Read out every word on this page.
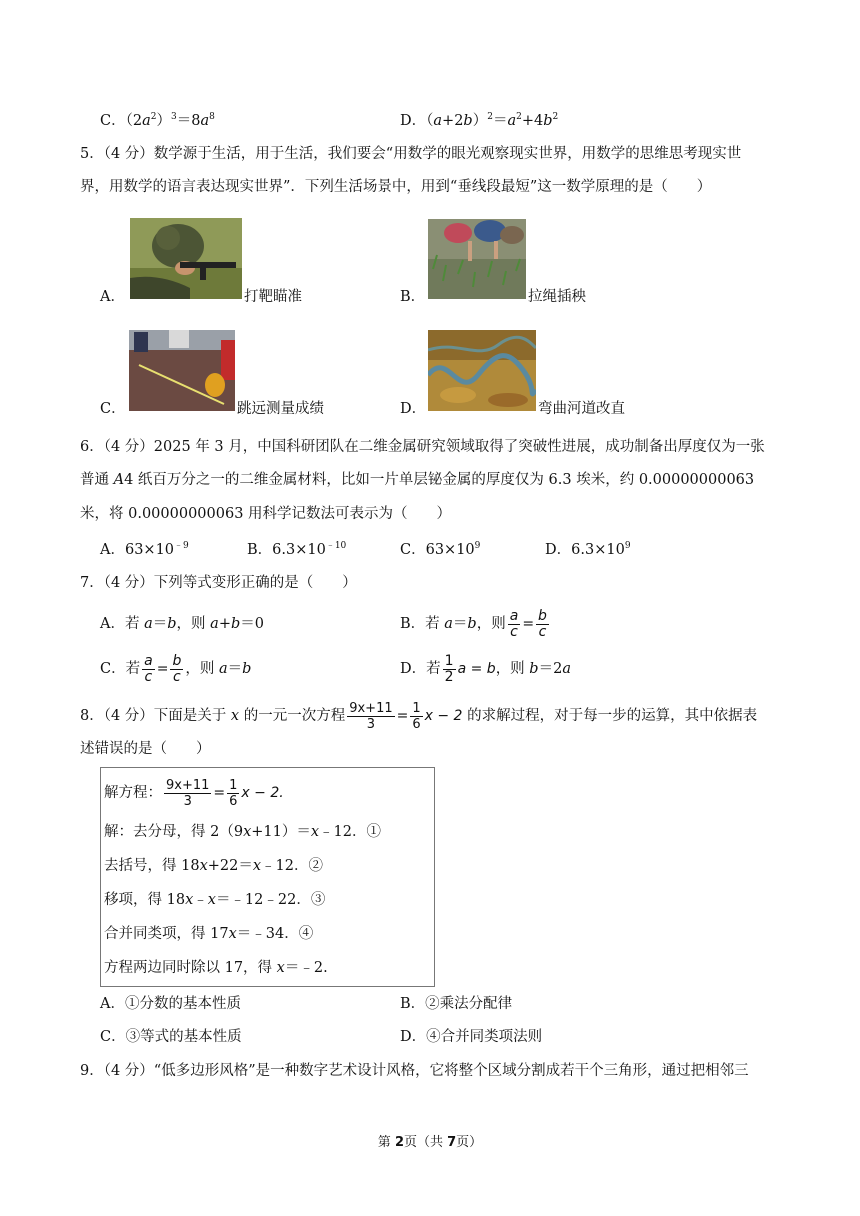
C．$(2a^2)^3=8a^8$	D．$(a+2b)^2=a^2+4b^2$
5．（4 分）数学源于生活，用于生活，我们要会“用数学的眼光观察现实世界，用数学的思维思考现实世
界，用数学的语言表达现实世界”．下列生活场景中，用到“垂线段最短”这一数学原理的是（　　）
A．	打靶瞄准	B．	拉绳插秧
C．	跳远测量成绩	D．	弯曲河道改直
6．（4 分）2025 年 3 月，中国科研团队在二维金属研究领域取得了突破性进展，成功制备出厚度仅为一张
普通 A4 纸百万分之一的二维金属材料，比如一片单层铋金属的厚度仅为 6.3 埃米，约 0.00000000063
米，将 0.00000000063 用科学记数法可表示为（　　）
A．$63\times 10^{﹣9}$	B．$6.3\times 10^{﹣10}$	C．$63\times 10^9$	D．$6.3\times 10^9$
7．（4 分）下列等式变形正确的是（　　）
A．若 a＝b，则 a+b＝0	B．若 a＝b，则 $\frac{a}{c} = \frac{b}{c}$
C．若 $\frac{a}{c} = \frac{b}{c}$ ，则 a＝b	D．若 $\frac{1}{2}$ a = b，则 b＝2a
8．（4 分）下面是关于 x 的一元一次方程 $\frac{9x+11}{3} = \frac{1}{6}$ x − 2 的求解过程，对于每一步的运算，其中依据表
述错误的是（　　）
解方程： $\frac{9x+11}{3} = \frac{1}{6}$ x − 2.
解：去分母，得 2（9x+11）＝x﹣12．①
去括号，得 18x+22＝x﹣12．②
移项，得 18x﹣x＝﹣12﹣22．③
合并同类项，得 17x＝﹣34．④
方程两边同时除以 17，得 x＝﹣2.
A．①分数的基本性质	B．②乘法分配律
C．③等式的基本性质	D．④合并同类项法则
9．（4 分）“低多边形风格”是一种数字艺术设计风格，它将整个区域分割成若干个三角形，通过把相邻三
第 2页（共 7页）
